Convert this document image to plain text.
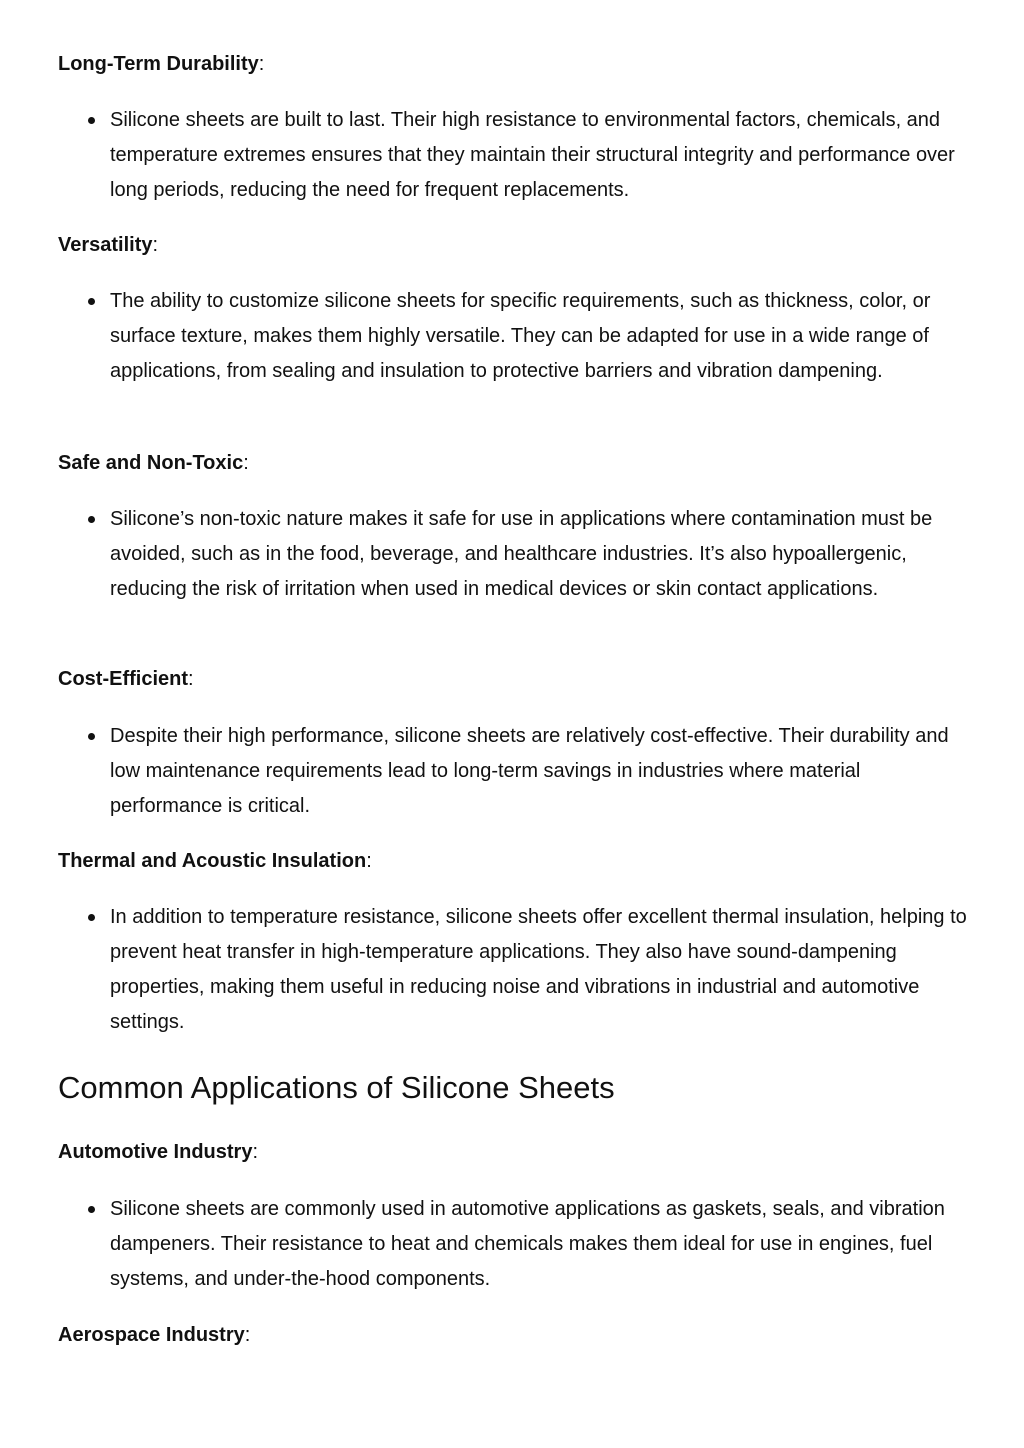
Long-Term Durability:

Silicone sheets are built to last. Their high resistance to environmental factors, chemicals, and temperature extremes ensures that they maintain their structural integrity and performance over long periods, reducing the need for frequent replacements.

Versatility:

The ability to customize silicone sheets for specific requirements, such as thickness, color, or surface texture, makes them highly versatile. They can be adapted for use in a wide range of applications, from sealing and insulation to protective barriers and vibration dampening.

Safe and Non-Toxic:

Silicone’s non-toxic nature makes it safe for use in applications where contamination must be avoided, such as in the food, beverage, and healthcare industries. It’s also hypoallergenic, reducing the risk of irritation when used in medical devices or skin contact applications.

Cost-Efficient:

Despite their high performance, silicone sheets are relatively cost-effective. Their durability and low maintenance requirements lead to long-term savings in industries where material performance is critical.

Thermal and Acoustic Insulation:

In addition to temperature resistance, silicone sheets offer excellent thermal insulation, helping to prevent heat transfer in high-temperature applications. They also have sound-dampening properties, making them useful in reducing noise and vibrations in industrial and automotive settings.
Common Applications of Silicone Sheets

Automotive Industry:

Silicone sheets are commonly used in automotive applications as gaskets, seals, and vibration dampeners. Their resistance to heat and chemicals makes them ideal for use in engines, fuel systems, and under-the-hood components.

Aerospace Industry:
